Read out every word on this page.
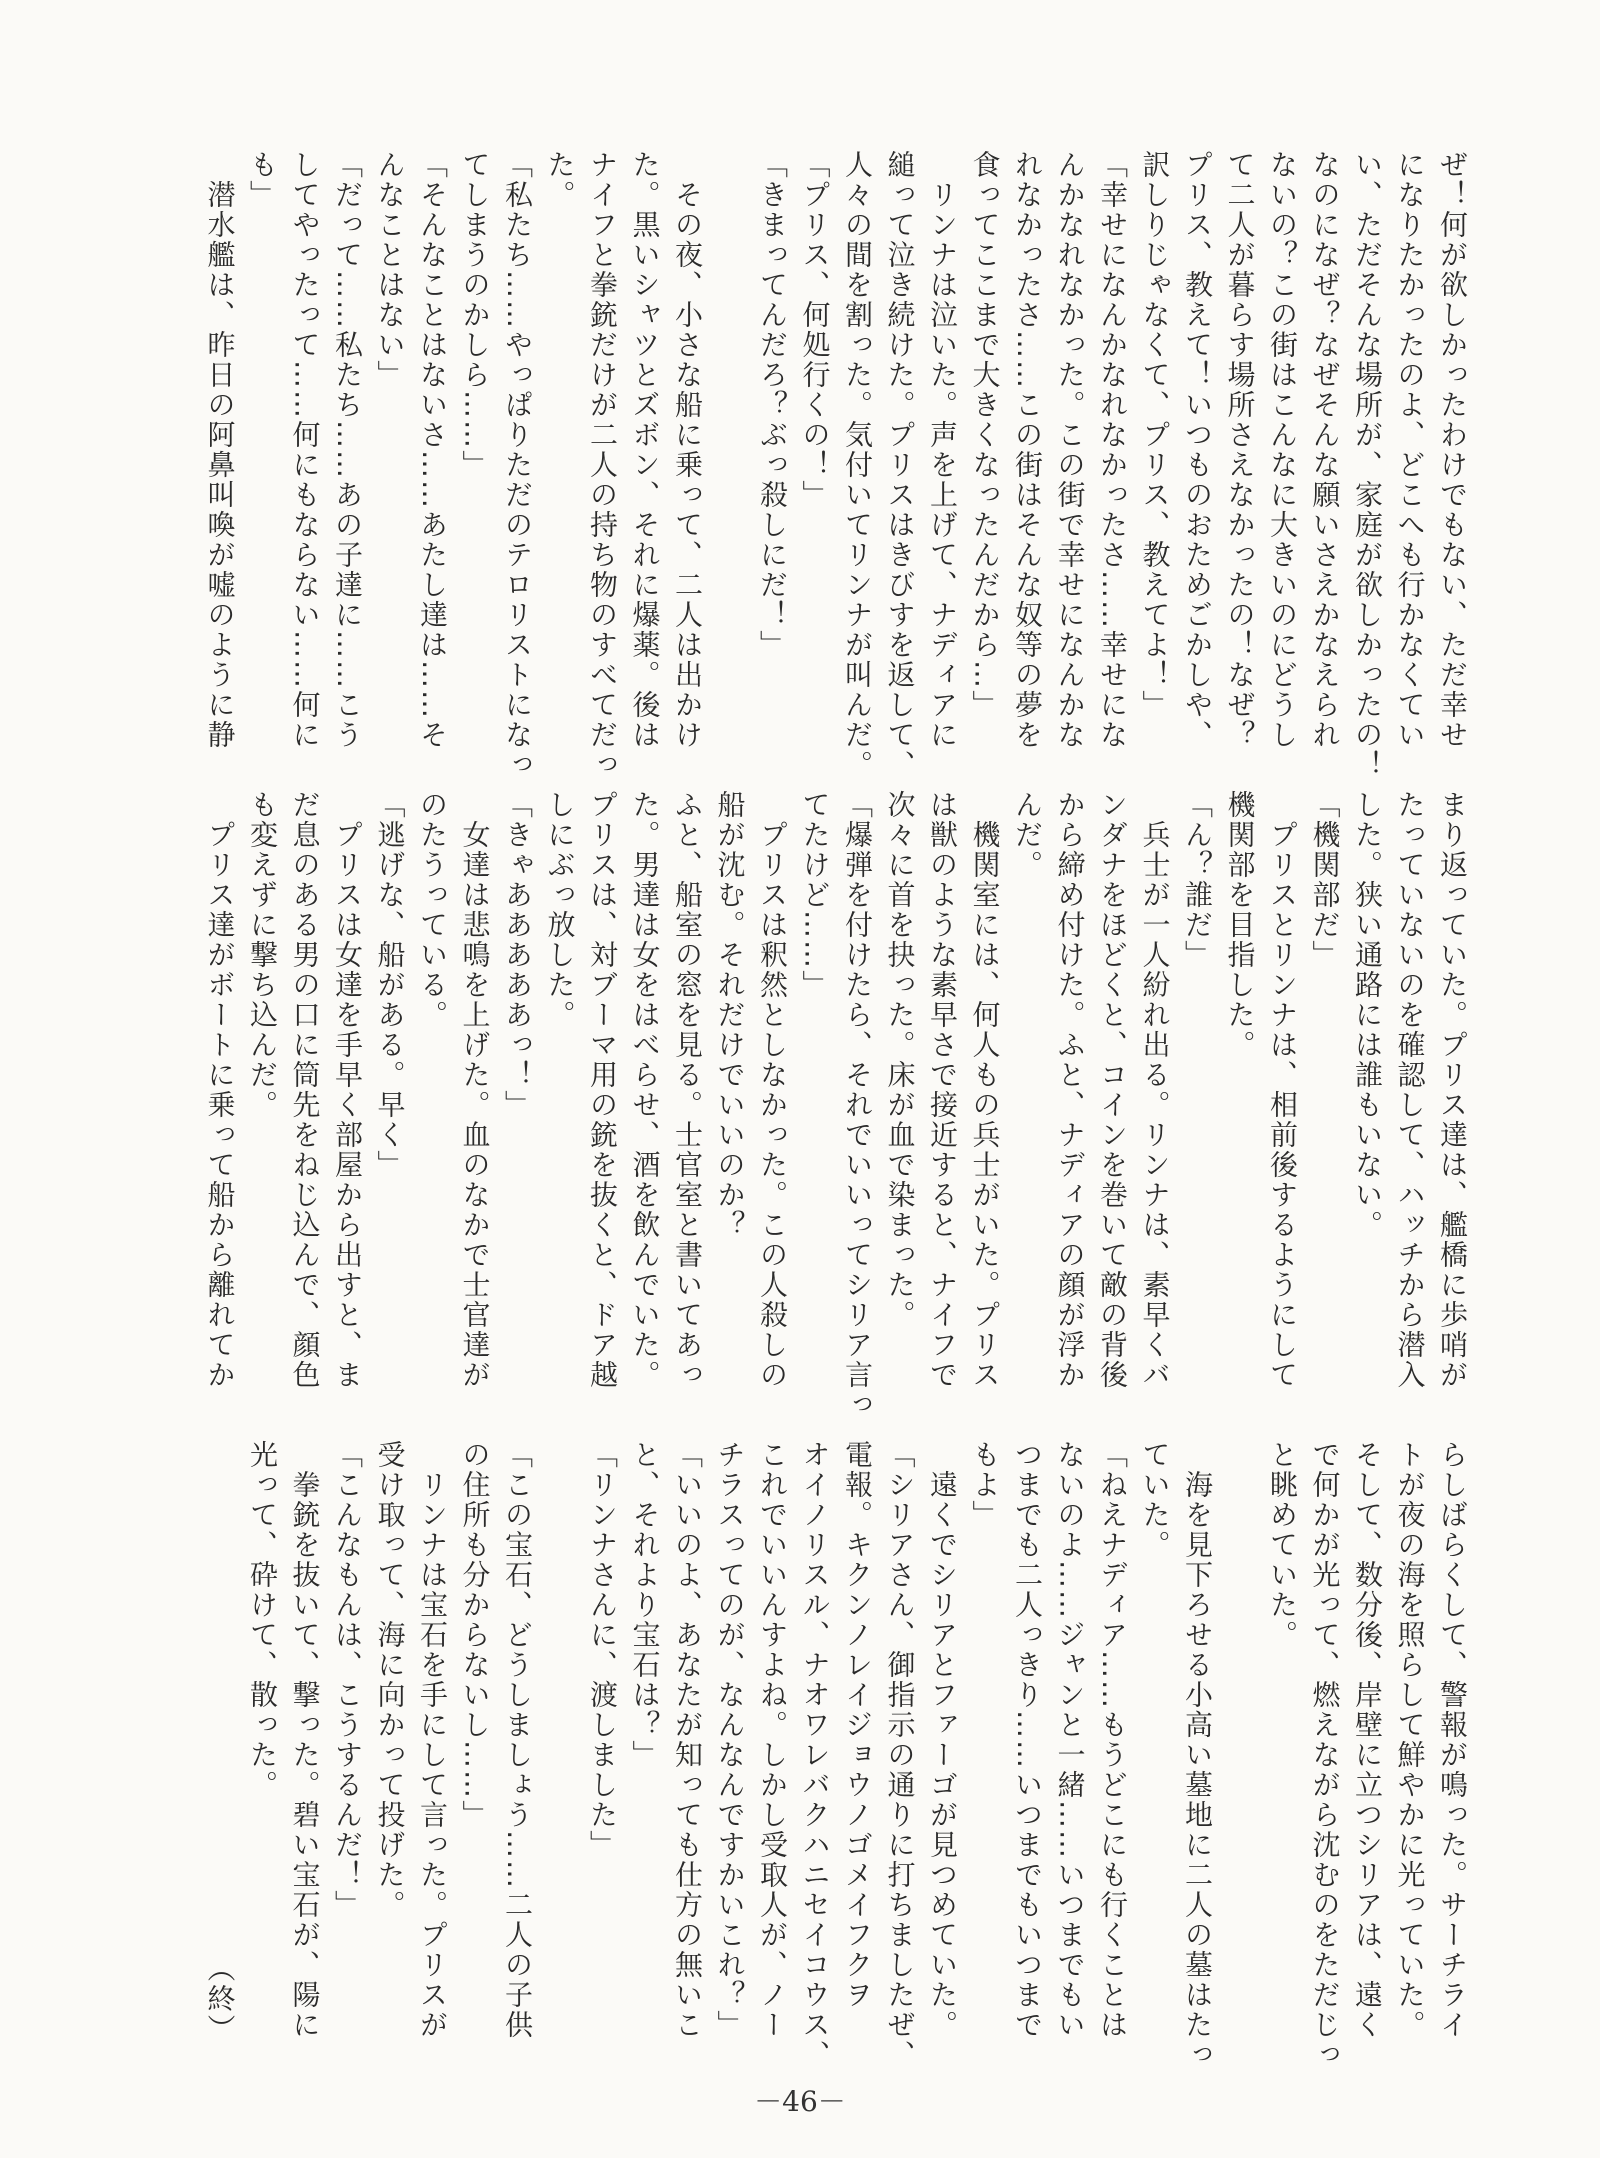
ぜ！何が欲しかったわけでもない、ただ幸せ
になりたかったのよ、どこへも行かなくてい
い、ただそんな場所が、家庭が欲しかったの！
なのになぜ？なぜそんな願いさえかなえられ
ないの？この街はこんなに大きいのにどうし
て二人が暮らす場所さえなかったの！なぜ？
プリス、教えて！いつものおためごかしや、
訳しりじゃなくて、プリス、教えてよ！」
「幸せになんかなれなかったさ……幸せにな
んかなれなかった。この街で幸せになんかな
れなかったさ……この街はそんな奴等の夢を
食ってここまで大きくなったんだから…」
　リンナは泣いた。声を上げて、ナディアに
縋って泣き続けた。プリスはきびすを返して、
人々の間を割った。気付いてリンナが叫んだ。
「プリス、何処行くの！」
「きまってんだろ？ぶっ殺しにだ！」
　その夜、小さな船に乗って、二人は出かけ
た。黒いシャツとズボン、それに爆薬。後は
ナイフと拳銃だけが二人の持ち物のすべてだっ
た。
「私たち……やっぱりただのテロリストになっ
てしまうのかしら……」
「そんなことはないさ……あたし達は……そ
んなことはない」
「だって……私たち……あの子達に……こう
してやったって……何にもならない……何に
も」
　潜水艦は、昨日の阿鼻叫喚が嘘のように静
まり返っていた。プリス達は、艦橋に歩哨が
たっていないのを確認して、ハッチから潜入
した。狭い通路には誰もいない。
「機関部だ」
　プリスとリンナは、相前後するようにして
機関部を目指した。
「ん？誰だ」
　兵士が一人紛れ出る。リンナは、素早くバ
ンダナをほどくと、コインを巻いて敵の背後
から締め付けた。ふと、ナディアの顔が浮か
んだ。
　機関室には、何人もの兵士がいた。プリス
は獣のような素早さで接近すると、ナイフで
次々に首を抉った。床が血で染まった。
「爆弾を付けたら、それでいいってシリア言っ
てたけど……」
　プリスは釈然としなかった。この人殺しの
船が沈む。それだけでいいのか？
ふと、船室の窓を見る。士官室と書いてあっ
た。男達は女をはべらせ、酒を飲んでいた。
プリスは、対ブーマ用の銃を抜くと、ドア越
しにぶっ放した。
「きゃあああああっ！」
　女達は悲鳴を上げた。血のなかで士官達が
のたうっている。
「逃げな、船がある。早く」
　プリスは女達を手早く部屋から出すと、ま
だ息のある男の口に筒先をねじ込んで、顔色
も変えずに撃ち込んだ。
　プリス達がボートに乗って船から離れてか
らしばらくして、警報が鳴った。サーチライ
トが夜の海を照らして鮮やかに光っていた。
そして、数分後、岸壁に立つシリアは、遠く
で何かが光って、燃えながら沈むのをただじっ
と眺めていた。
　海を見下ろせる小高い墓地に二人の墓はたっ
ていた。
「ねえナディア……もうどこにも行くことは
ないのよ……ジャンと一緒……いつまでもい
つまでも二人っきり……いつまでもいつまで
もよ」
　遠くでシリアとファーゴが見つめていた。
「シリアさん、御指示の通りに打ちましたぜ、
電報。キクンノレイジョウノゴメイフクヲ
オイノリスル、ナオワレバクハニセイコウス、
これでいいんすよね。しかし受取人が、ノー
チラスってのが、なんなんですかいこれ？」
「いいのよ、あなたが知っても仕方の無いこ
と、それより宝石は？」
「リンナさんに、渡しました」
「この宝石、どうしましょう……二人の子供
の住所も分からないし……」
　リンナは宝石を手にして言った。プリスが
受け取って、海に向かって投げた。
「こんなもんは、こうするんだ！」
　拳銃を抜いて、撃った。碧い宝石が、陽に
光って、砕けて、散った。
（終）
－46－
